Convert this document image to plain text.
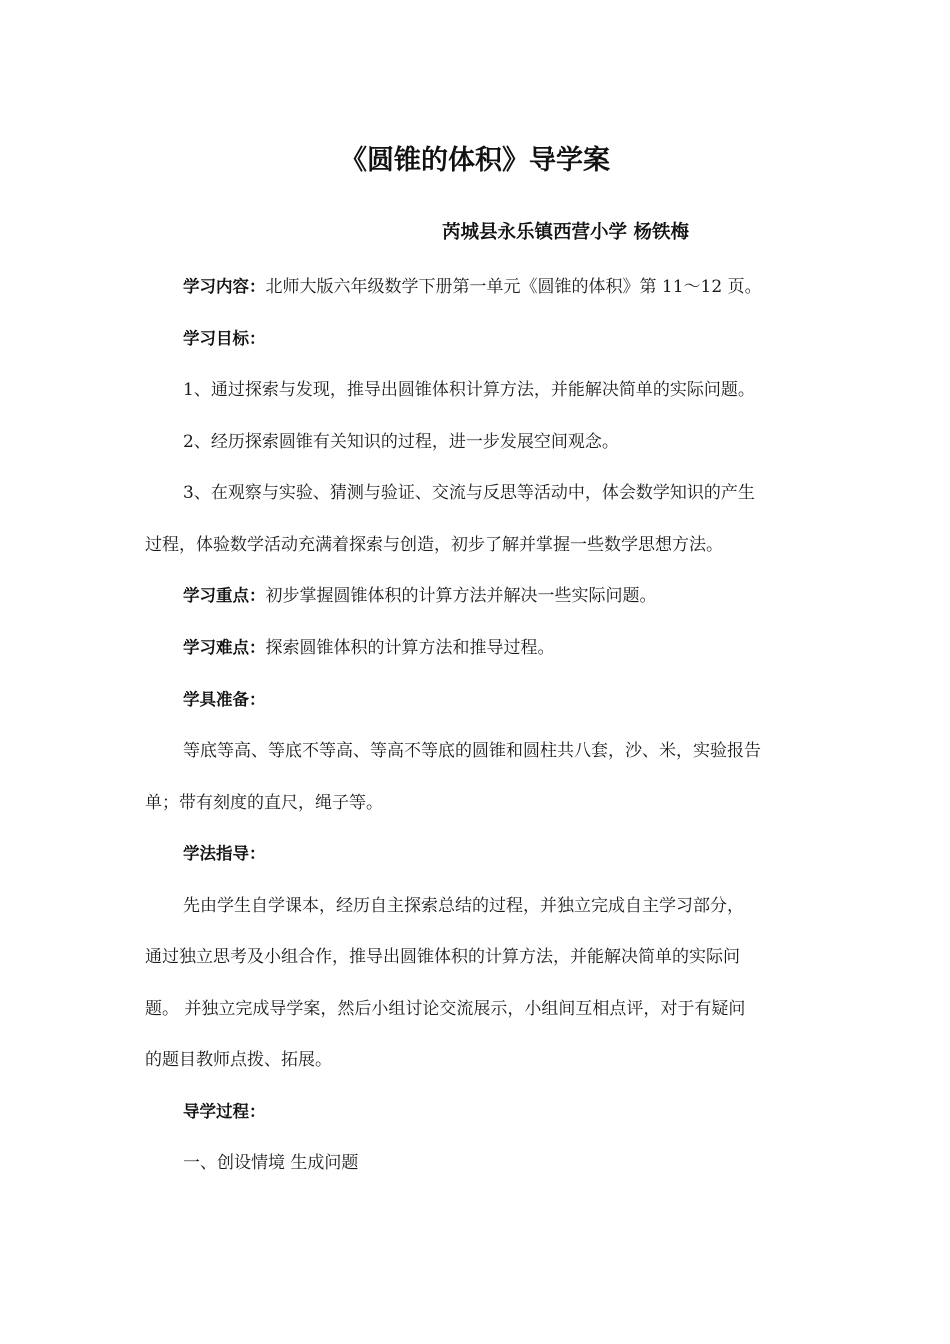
《圆锥的体积》导学案
芮城县永乐镇西营小学 杨铁梅
学习内容：北师大版六年级数学下册第一单元《圆锥的体积》第 11～12 页。
学习目标：
1、通过探索与发现，推导出圆锥体积计算方法，并能解决简单的实际问题。
2、经历探索圆锥有关知识的过程，进一步发展空间观念。
3、在观察与实验、猜测与验证、交流与反思等活动中，体会数学知识的产生
过程，体验数学活动充满着探索与创造，初步了解并掌握一些数学思想方法。
学习重点：初步掌握圆锥体积的计算方法并解决一些实际问题。
学习难点：探索圆锥体积的计算方法和推导过程。
学具准备：
等底等高、等底不等高、等高不等底的圆锥和圆柱共八套，沙、米，实验报告
单；带有刻度的直尺，绳子等。
学法指导：
先由学生自学课本，经历自主探索总结的过程，并独立完成自主学习部分，
通过独立思考及小组合作，推导出圆锥体积的计算方法，并能解决简单的实际问
题。 并独立完成导学案，然后小组讨论交流展示，小组间互相点评，对于有疑问
的题目教师点拨、拓展。
导学过程：
一、创设情境 生成问题
